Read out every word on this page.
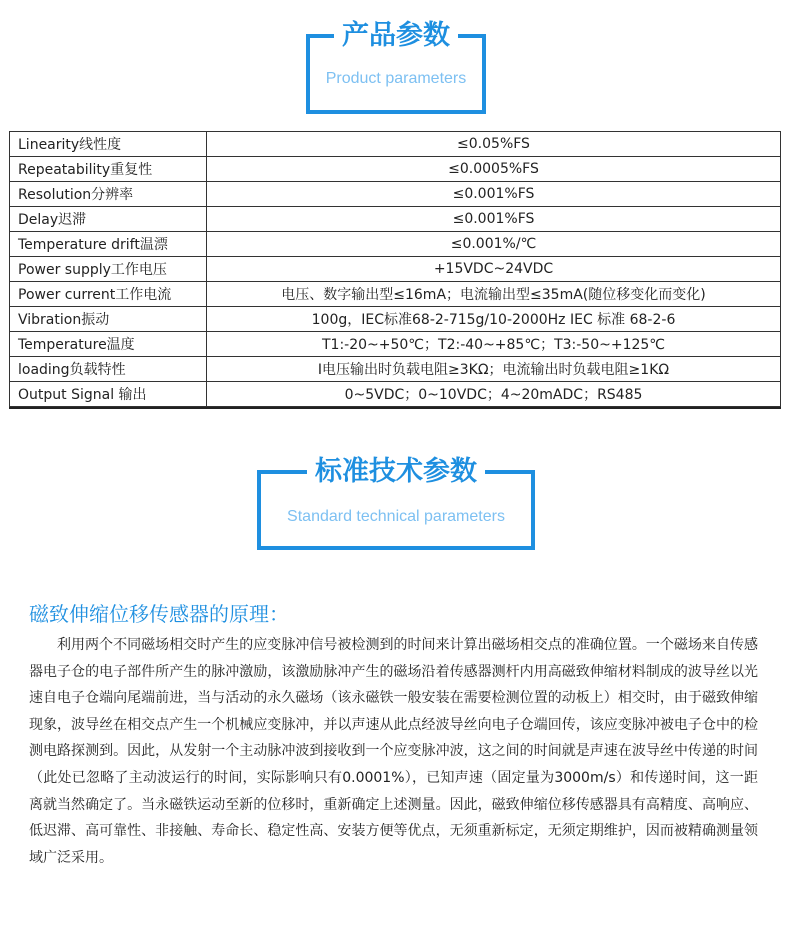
产品参数
Product parameters
Linearity线性度	≤0.05%FS
Repeatability重复性	≤0.0005%FS
Resolution分辨率	≤0.001%FS
Delay迟滞	≤0.001%FS
Temperature drift温漂	≤0.001%/℃
Power supply工作电压	+15VDC~24VDC
Power current工作电流	电压、数字输出型≤16mA；电流输出型≤35mA(随位移变化而变化)
Vibration振动	100g，IEC标准68-2-715g/10-2000Hz IEC 标准 68-2-6
Temperature温度	T1:-20~+50℃；T2:-40~+85℃；T3:-50~+125℃
loading负载特性	I电压输出时负载电阻≥3KΩ；电流输出时负载电阻≥1KΩ
Output Signal 输出	0~5VDC；0~10VDC；4~20mADC；RS485
标准技术参数
Standard technical parameters
磁致伸缩位移传感器的原理：
利用两个不同磁场相交时产生的应变脉冲信号被检测到的时间来计算出磁场相交点的准确位置。一个磁场来自传感器电子仓的电子部件所产生的脉冲激励，该激励脉冲产生的磁场沿着传感器测杆内用高磁致伸缩材料制成的波导丝以光速自电子仓端向尾端前进，当与活动的永久磁场（该永磁铁一般安装在需要检测位置的动板上）相交时，由于磁致伸缩现象，波导丝在相交点产生一个机械应变脉冲，并以声速从此点经波导丝向电子仓端回传，该应变脉冲被电子仓中的检测电路探测到。因此，从发射一个主动脉冲波到接收到一个应变脉冲波，这之间的时间就是声速在波导丝中传递的时间（此处已忽略了主动波运行的时间，实际影响只有0.0001%），已知声速（固定量为3000m/s）和传递时间，这一距离就当然确定了。当永磁铁运动至新的位移时，重新确定上述测量。因此，磁致伸缩位移传感器具有高精度、高响应、低迟滞、高可靠性、非接触、寿命长、稳定性高、安装方便等优点，无须重新标定，无须定期维护，因而被精确测量领域广泛采用。
